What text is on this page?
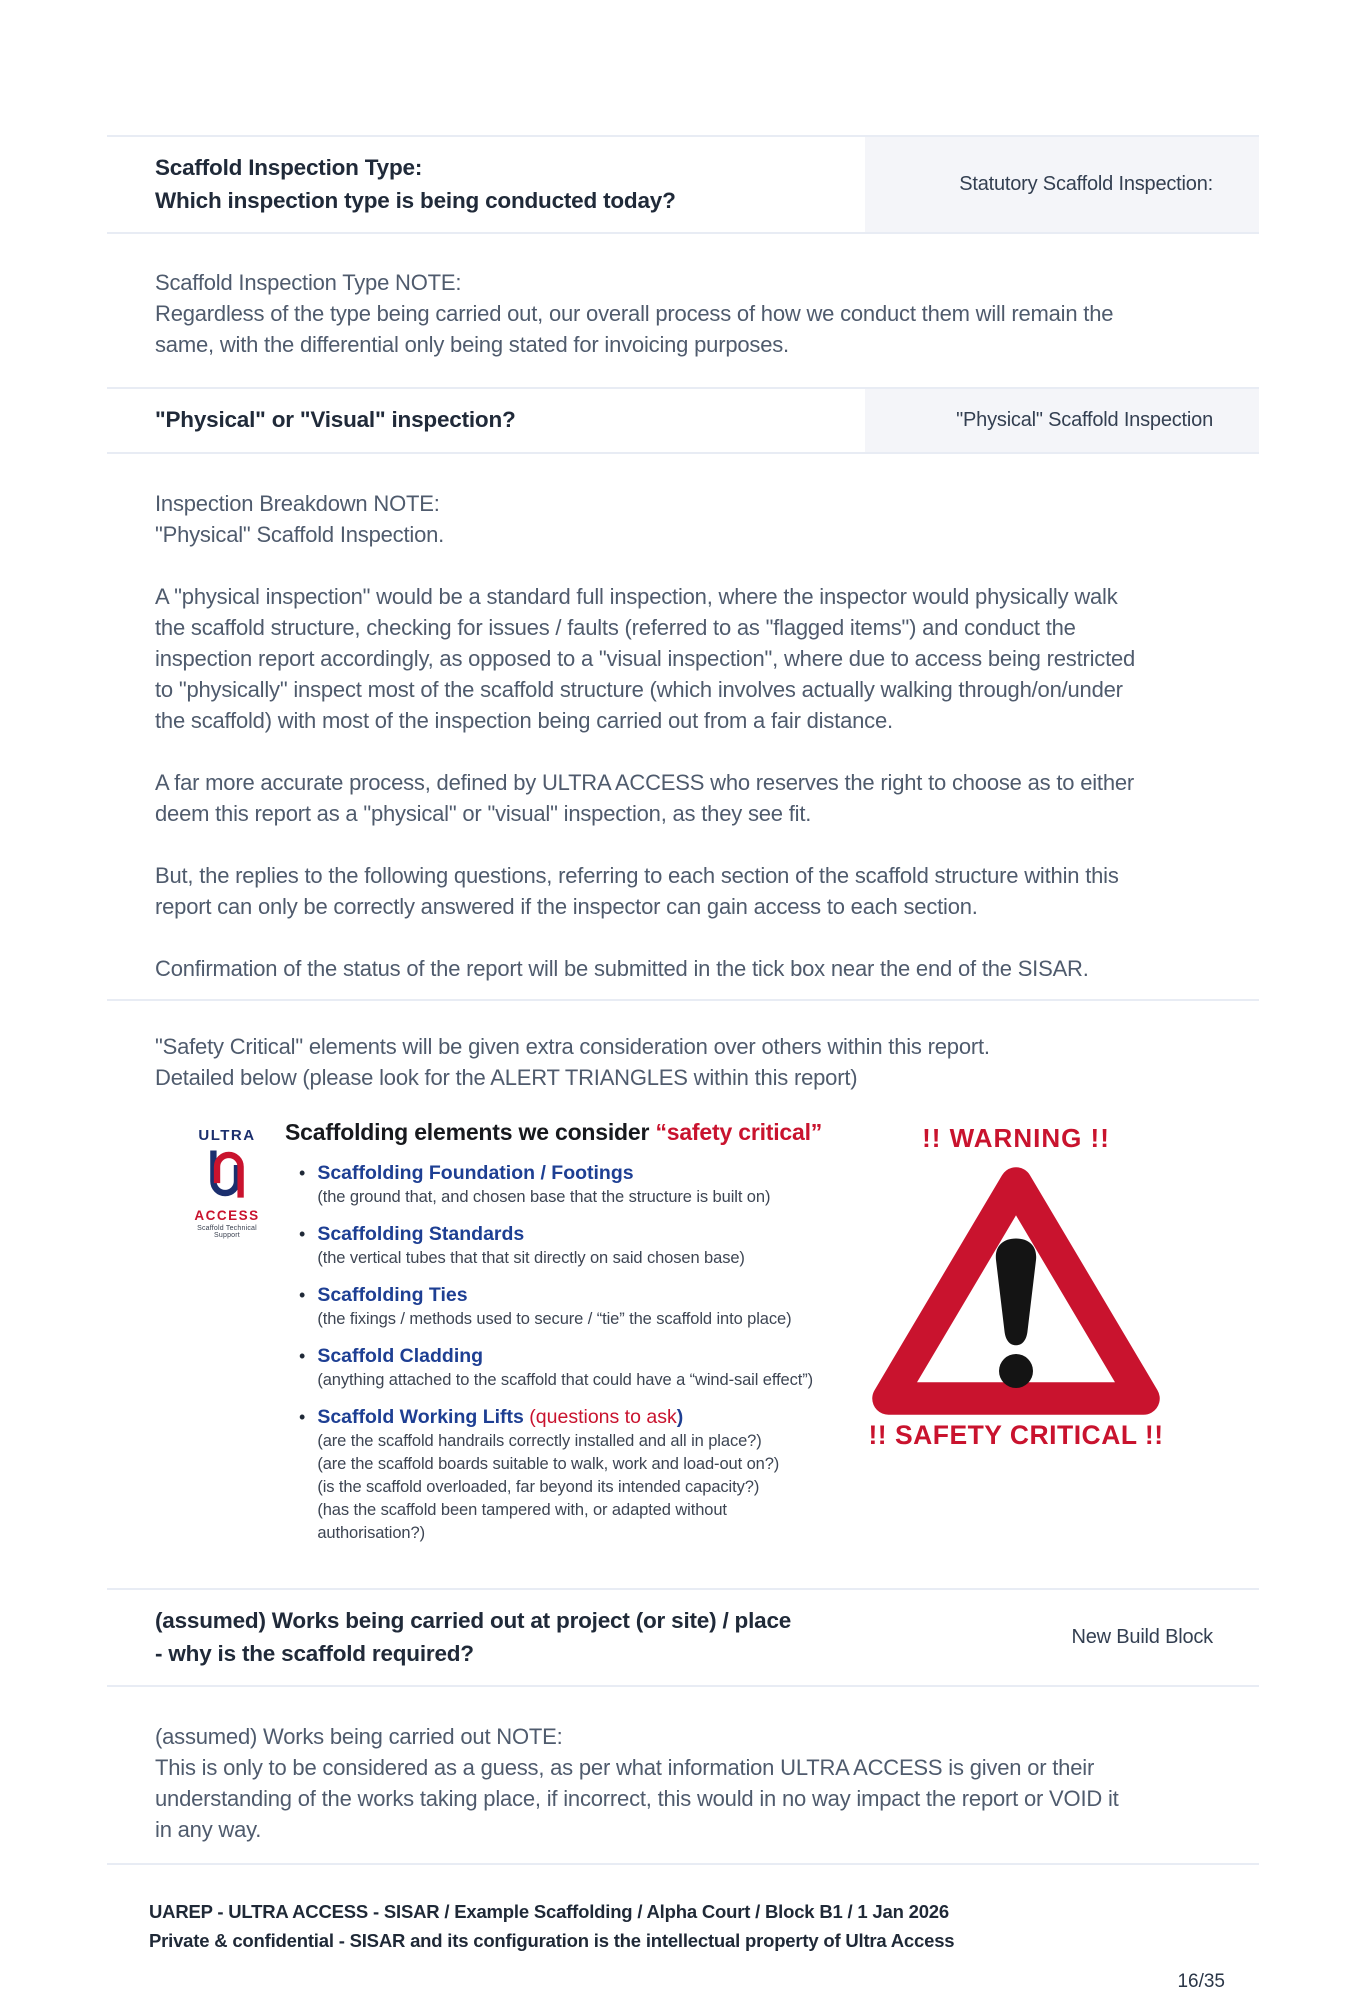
Scaffold Inspection Type:
Which inspection type is being conducted today?
Statutory Scaffold Inspection:
Scaffold Inspection Type NOTE:
Regardless of the type being carried out, our overall process of how we conduct them will remain the same, with the differential only being stated for invoicing purposes.
"Physical" or "Visual" inspection?	"Physical" Scaffold Inspection
Inspection Breakdown NOTE:
"Physical" Scaffold Inspection.
A "physical inspection" would be a standard full inspection, where the inspector would physically walk the scaffold structure, checking for issues / faults (referred to as "flagged items") and conduct the inspection report accordingly, as opposed to a "visual inspection", where due to access being restricted to "physically" inspect most of the scaffold structure (which involves actually walking through/on/under the scaffold) with most of the inspection being carried out from a fair distance.
A far more accurate process, defined by ULTRA ACCESS who reserves the right to choose as to either deem this report as a "physical" or "visual" inspection, as they see fit.
But, the replies to the following questions, referring to each section of the scaffold structure within this report can only be correctly answered if the inspector can gain access to each section.
Confirmation of the status of the report will be submitted in the tick box near the end of the SISAR.
"Safety Critical" elements will be given extra consideration over others within this report.
Detailed below (please look for the ALERT TRIANGLES within this report)
ULTRA
ACCESS
Scaffold Technical Support
Scaffolding elements we consider “safety critical”
• Scaffolding Foundation / Footings
(the ground that, and chosen base that the structure is built on)
• Scaffolding Standards
(the vertical tubes that that sit directly on said chosen base)
• Scaffolding Ties
(the fixings / methods used to secure / “tie” the scaffold into place)
• Scaffold Cladding
(anything attached to the scaffold that could have a “wind-sail effect”)
• Scaffold Working Lifts (questions to ask)
(are the scaffold handrails correctly installed and all in place?)
(are the scaffold boards suitable to walk, work and load-out on?)
(is the scaffold overloaded, far beyond its intended capacity?)
(has the scaffold been tampered with, or adapted without authorisation?)
!! WARNING !!
!! SAFETY CRITICAL !!
(assumed) Works being carried out at project (or site) / place
- why is the scaffold required?
New Build Block
(assumed) Works being carried out NOTE:
This is only to be considered as a guess, as per what information ULTRA ACCESS is given or their understanding of the works taking place, if incorrect, this would in no way impact the report or VOID it in any way.
UAREP - ULTRA ACCESS - SISAR / Example Scaffolding / Alpha Court / Block B1 / 1 Jan 2026
Private & confidential - SISAR and its configuration is the intellectual property of Ultra Access
16/35
